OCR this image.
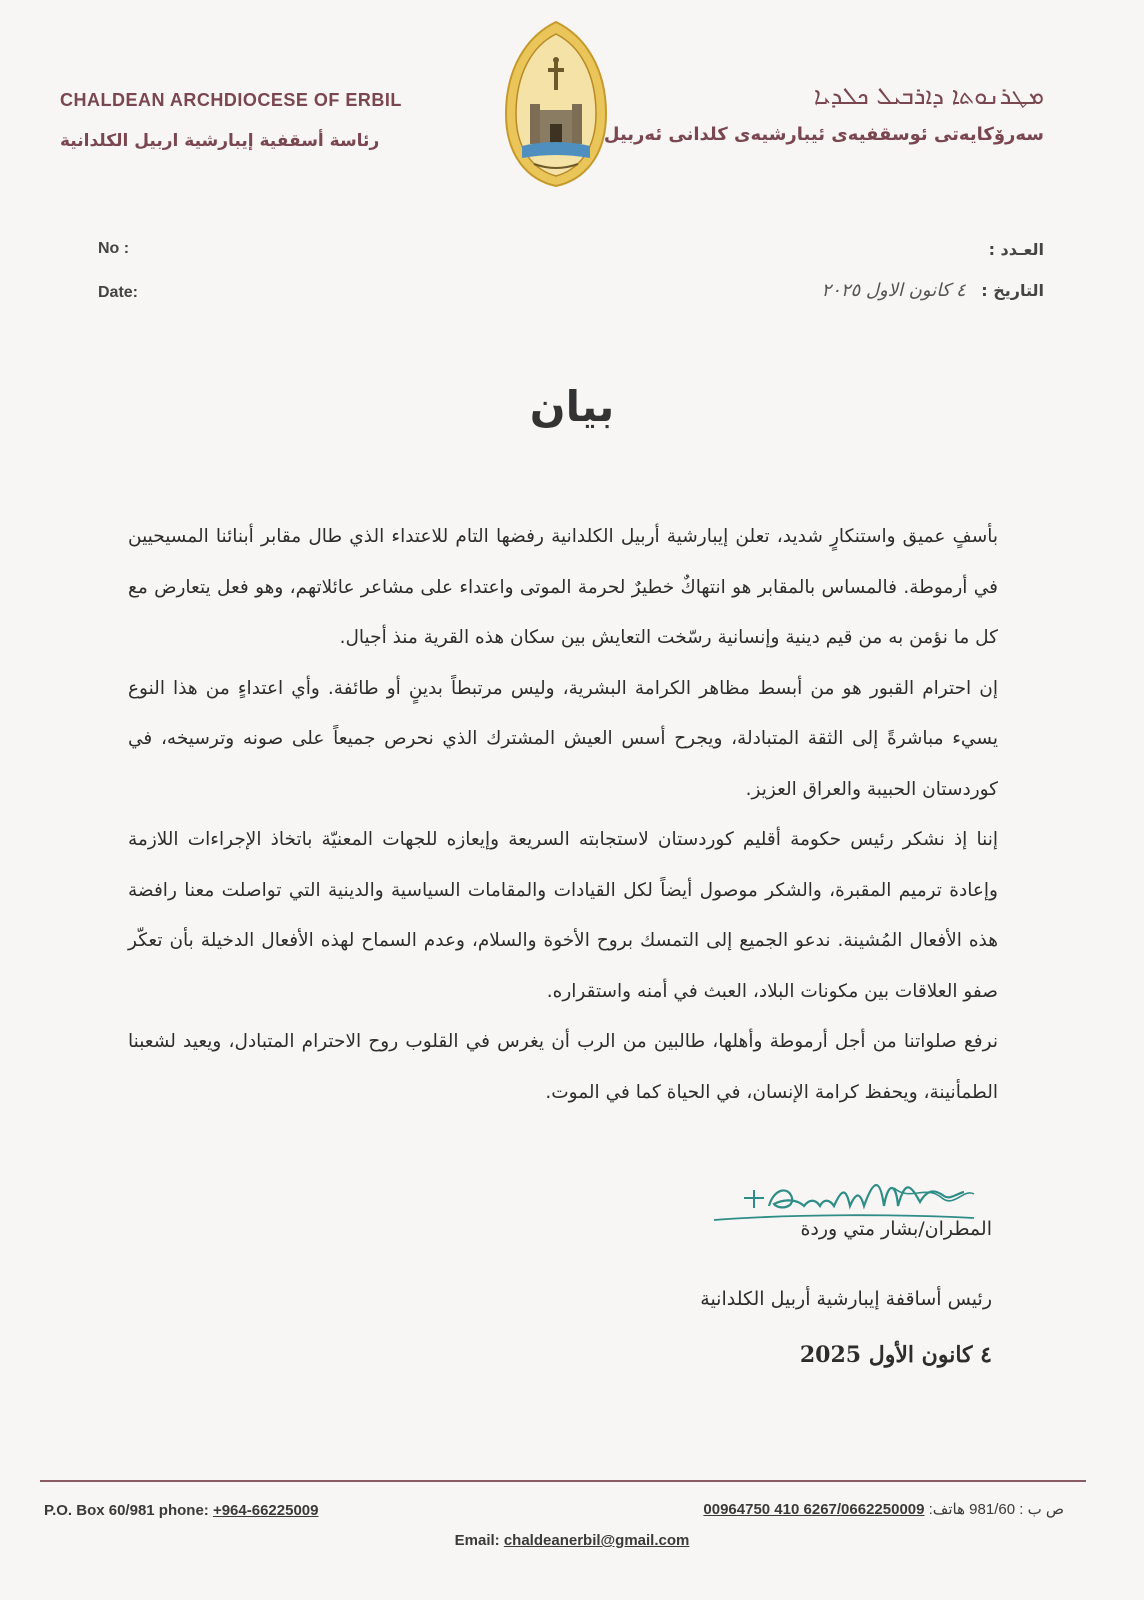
CHALDEAN ARCHDIOCESE OF ERBIL
رئاسة أسقفية إيبارشية اربيل الكلدانية
ܡܛܪܢܘܬܐ ܕܐܪܒܝܠ ܟܠܕܝܐ
سەرۆکایەتی ئوسقفیەی ئیبارشیەی کلدانی ئەربیل
No :
Date:
العـدد :
التاريخ : ٤ كانون الاول ٢٠٢٥
بيان

بأسفٍ عميق واستنكارٍ شديد، تعلن إيبارشية أربيل الكلدانية رفضها التام للاعتداء الذي طال مقابر أبنائنا المسيحيين في أرموطة. فالمساس بالمقابر هو انتهاكٌ خطيرٌ لحرمة الموتى واعتداء على مشاعر عائلاتهم، وهو فعل يتعارض مع كل ما نؤمن به من قيم دينية وإنسانية رسّخت التعايش بين سكان هذه القرية منذ أجيال.

إن احترام القبور هو من أبسط مظاهر الكرامة البشرية، وليس مرتبطاً بدينٍ أو طائفة. وأي اعتداءٍ من هذا النوع يسيء مباشرةً إلى الثقة المتبادلة، ويجرح أسس العيش المشترك الذي نحرص جميعاً على صونه وترسيخه، في كوردستان الحبيبة والعراق العزيز.

إننا إذ نشكر رئيس حكومة أقليم كوردستان لاستجابته السريعة وإيعازه للجهات المعنيّة باتخاذ الإجراءات اللازمة وإعادة ترميم المقبرة، والشكر موصول أيضاً لكل القيادات والمقامات السياسية والدينية التي تواصلت معنا رافضة هذه الأفعال المُشينة. ندعو الجميع إلى التمسك بروح الأخوة والسلام، وعدم السماح لهذه الأفعال الدخيلة بأن تعكّر صفو العلاقات بين مكونات البلاد، العبث في أمنه واستقراره.

نرفع صلواتنا من أجل أرموطة وأهلها، طالبين من الرب أن يغرس في القلوب روح الاحترام المتبادل، ويعيد لشعبنا الطمأنينة، ويحفظ كرامة الإنسان، في الحياة كما في الموت.

المطران/بشار متي وردة
رئيس أساقفة إيبارشية أربيل الكلدانية
٤ كانون الأول 2025
P.O. Box 60/981 phone: +964-66225009	00964750 410 6267/0662250009 ص ب : 981/60 هاتف:
Email: chaldeanerbil@gmail.com
